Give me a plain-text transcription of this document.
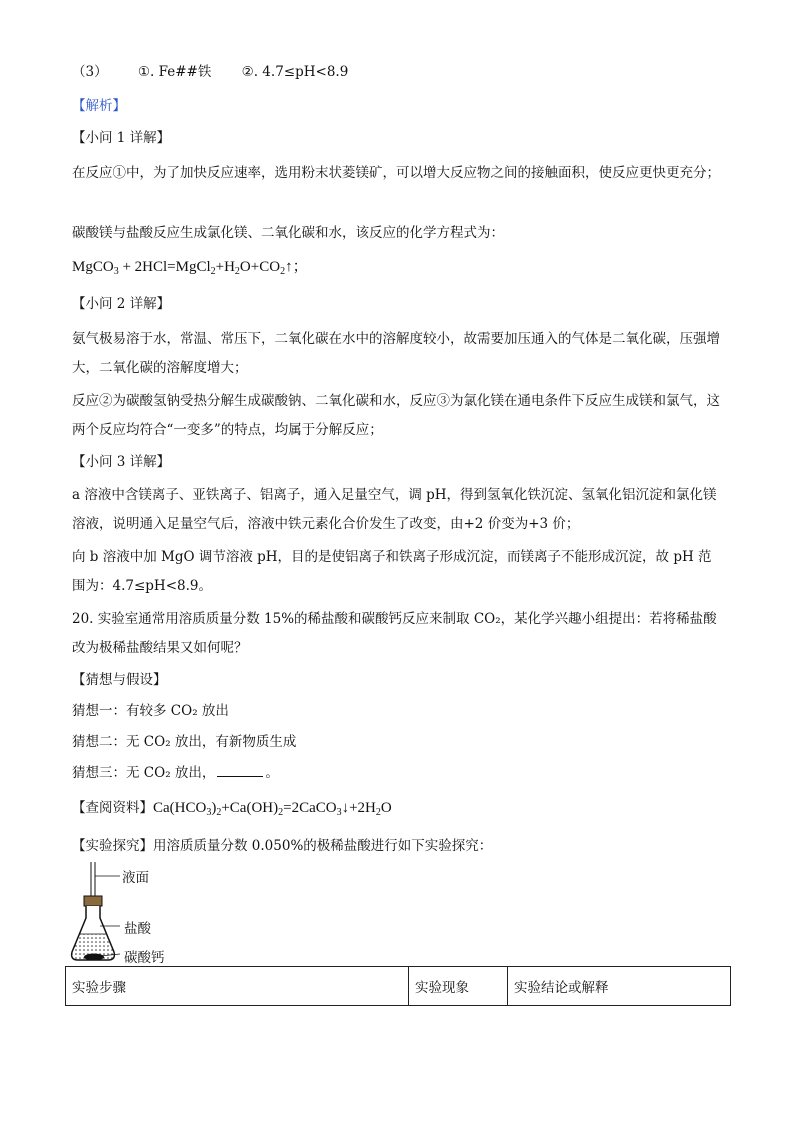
（3） ①. Fe##铁 ②. 4.7≤pH<8.9
【解析】
【小问 1 详解】
在反应①中，为了加快反应速率，选用粉末状菱镁矿，可以增大反应物之间的接触面积，使反应更快更充分；
碳酸镁与盐酸反应生成氯化镁、二氧化碳和水，该反应的化学方程式为：
MgCO$_3$ + $2HCl=MgCl_2+H_2O+CO_2↑$；
【小问 2 详解】
氨气极易溶于水，常温、常压下，二氧化碳在水中的溶解度较小，故需要加压通入的气体是二氧化碳，压强增大，二氧化碳的溶解度增大；
反应②为碳酸氢钠受热分解生成碳酸钠、二氧化碳和水，反应③为氯化镁在通电条件下反应生成镁和氯气，这两个反应均符合“一变多”的特点，均属于分解反应；
【小问 3 详解】
a 溶液中含镁离子、亚铁离子、铝离子，通入足量空气，调 pH，得到氢氧化铁沉淀、氢氧化铝沉淀和氯化镁溶液，说明通入足量空气后，溶液中铁元素化合价发生了改变，由+2 价变为+3 价；
向 b 溶液中加 MgO 调节溶液 pH，目的是使铝离子和铁离子形成沉淀，而镁离子不能形成沉淀，故 pH 范围为：4.7≤pH<8.9。
20. 实验室通常用溶质质量分数 15%的稀盐酸和碳酸钙反应来制取 CO₂，某化学兴趣小组提出：若将稀盐酸改为极稀盐酸结果又如何呢？
【猜想与假设】
猜想一：有较多 CO₂ 放出
猜想二：无 CO₂ 放出，有新物质生成
猜想三：无 CO₂ 放出，	。
【查阅资料】$Ca(HCO_3)_2+Ca(OH)_2=2CaCO_3↓+2H_2O$
【实验探究】用溶质质量分数 0.050%的极稀盐酸进行如下实验探究：
液面
盐酸
碳酸钙
实验步骤	实验现象	实验结论或解释
